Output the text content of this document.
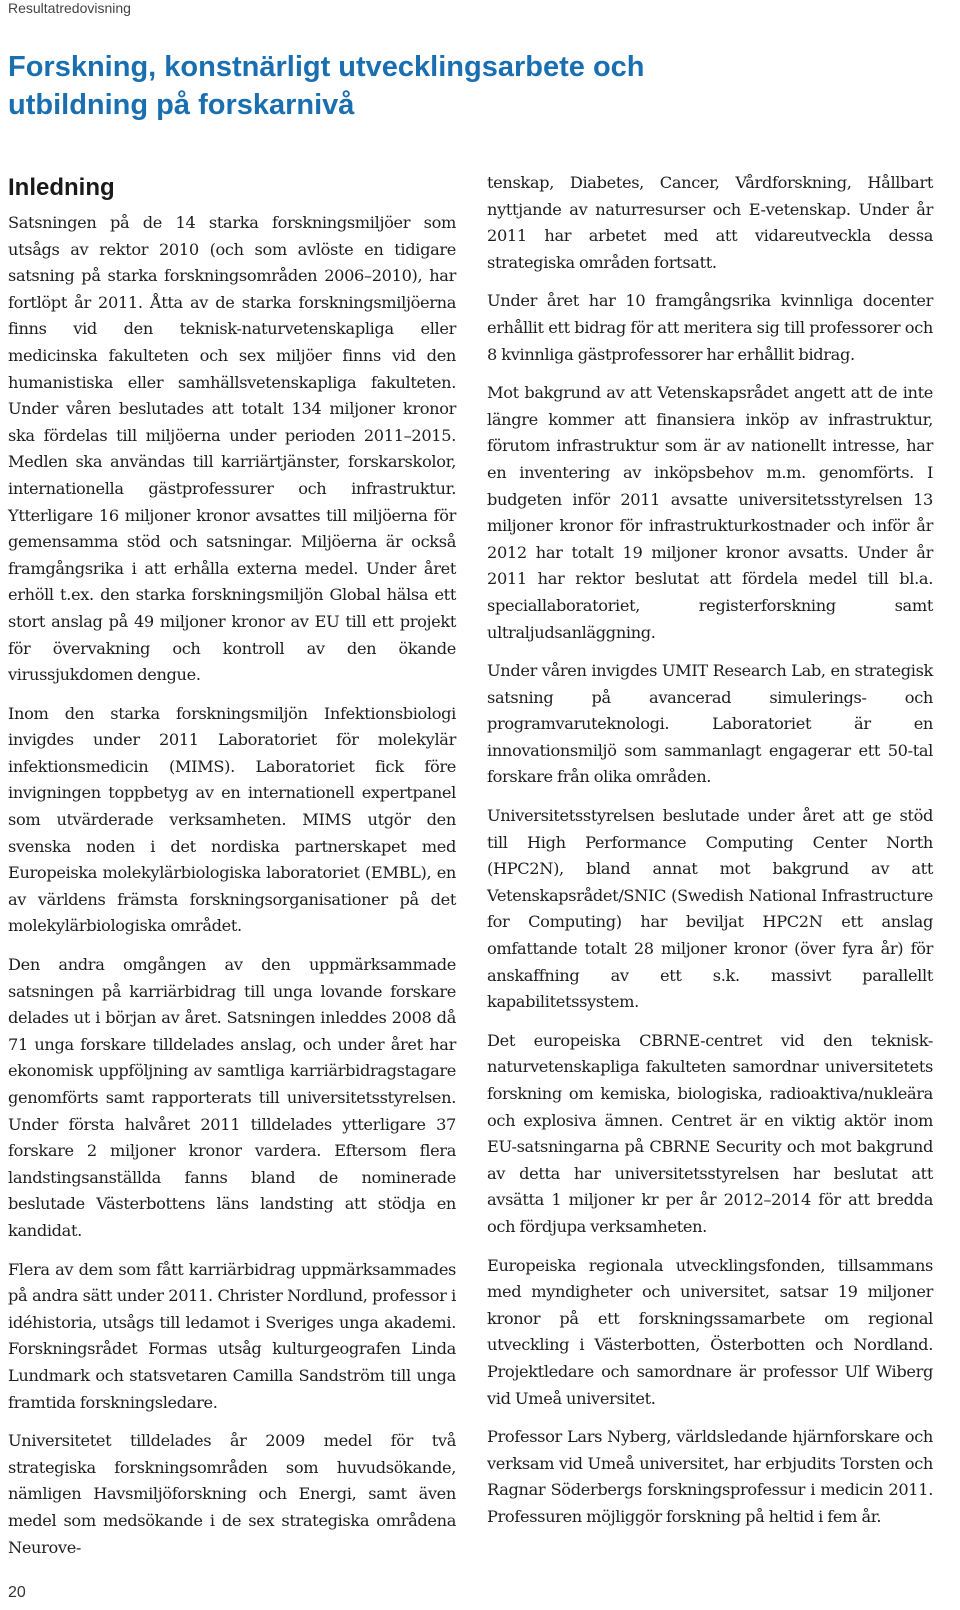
Resultatredovisning
Forskning, konstnärligt utvecklingsarbete och utbildning på forskarnivå
Inledning

Satsningen på de 14 starka forskningsmiljöer som utsågs av rektor 2010 (och som avlöste en tidigare satsning på starka forskningsområden 2006–2010), har fortlöpt år 2011. Åtta av de starka forskningsmiljöerna finns vid den teknisk-naturvetenskapliga eller medicinska fakulteten och sex miljöer finns vid den humanistiska eller samhällsvetenskapliga fakulteten. Under våren beslutades att totalt 134 miljoner kronor ska fördelas till miljöerna under perioden 2011–2015. Medlen ska användas till karriärtjänster, forskarskolor, internationella gästprofessurer och infrastruktur. Ytterligare 16 miljoner kronor avsattes till miljöerna för gemensamma stöd och satsningar. Miljöerna är också framgångsrika i att erhålla externa medel. Under året erhöll t.ex. den starka forskningsmiljön Global hälsa ett stort anslag på 49 miljoner kronor av EU till ett projekt för övervakning och kontroll av den ökande virussjukdomen dengue.

Inom den starka forskningsmiljön Infektionsbiologi invigdes under 2011 Laboratoriet för molekylär infektionsmedicin (MIMS). Laboratoriet fick före invigningen toppbetyg av en internationell expertpanel som utvärderade verksamheten. MIMS utgör den svenska noden i det nordiska partnerskapet med Europeiska molekylärbiologiska laboratoriet (EMBL), en av världens främsta forskningsorganisationer på det molekylärbiologiska området.

Den andra omgången av den uppmärksammade satsningen på karriärbidrag till unga lovande forskare delades ut i början av året. Satsningen inleddes 2008 då 71 unga forskare tilldelades anslag, och under året har ekonomisk uppföljning av samtliga karriärbidragstagare genomförts samt rapporterats till universitetsstyrelsen. Under första halvåret 2011 tilldelades ytterligare 37 forskare 2 miljoner kronor vardera. Eftersom flera landstingsanställda fanns bland de nominerade beslutade Västerbottens läns landsting att stödja en kandidat.

Flera av dem som fått karriärbidrag uppmärksammades på andra sätt under 2011. Christer Nordlund, professor i idéhistoria, utsågs till ledamot i Sveriges unga akademi. Forskningsrådet Formas utsåg kulturgeografen Linda Lundmark och statsvetaren Camilla Sandström till unga framtida forskningsledare.

Universitetet tilldelades år 2009 medel för två strategiska forskningsområden som huvudsökande, nämligen Havsmiljöforskning och Energi, samt även medel som medsökande i de sex strategiska områdena Neurove-

tenskap, Diabetes, Cancer, Vårdforskning, Hållbart nyttjande av naturresurser och E-vetenskap. Under år 2011 har arbetet med att vidareutveckla dessa strategiska områden fortsatt.

Under året har 10 framgångsrika kvinnliga docenter erhållit ett bidrag för att meritera sig till professorer och 8 kvinnliga gästprofessorer har erhållit bidrag.

Mot bakgrund av att Vetenskapsrådet angett att de inte längre kommer att finansiera inköp av infrastruktur, förutom infrastruktur som är av nationellt intresse, har en inventering av inköpsbehov m.m. genomförts. I budgeten inför 2011 avsatte universitetsstyrelsen 13 miljoner kronor för infrastrukturkostnader och inför år 2012 har totalt 19 miljoner kronor avsatts. Under år 2011 har rektor beslutat att fördela medel till bl.a. speciallaboratoriet, registerforskning samt ultraljudsanläggning.

Under våren invigdes UMIT Research Lab, en strategisk satsning på avancerad simulerings- och programvaruteknologi. Laboratoriet är en innovationsmiljö som sammanlagt engagerar ett 50-tal forskare från olika områden.

Universitetsstyrelsen beslutade under året att ge stöd till High Performance Computing Center North (HPC2N), bland annat mot bakgrund av att Vetenskapsrådet/SNIC (Swedish National Infrastructure for Computing) har beviljat HPC2N ett anslag omfattande totalt 28 miljoner kronor (över fyra år) för anskaffning av ett s.k. massivt parallellt kapabilitetssystem.

Det europeiska CBRNE-centret vid den teknisk-naturvetenskapliga fakulteten samordnar universitetets forskning om kemiska, biologiska, radioaktiva/nukleära och explosiva ämnen. Centret är en viktig aktör inom EU-satsningarna på CBRNE Security och mot bakgrund av detta har universitetsstyrelsen har beslutat att avsätta 1 miljoner kr per år 2012–2014 för att bredda och fördjupa verksamheten.

Europeiska regionala utvecklingsfonden, tillsammans med myndigheter och universitet, satsar 19 miljoner kronor på ett forskningssamarbete om regional utveckling i Västerbotten, Österbotten och Nordland. Projektledare och samordnare är professor Ulf Wiberg vid Umeå universitet.

Professor Lars Nyberg, världsledande hjärnforskare och verksam vid Umeå universitet, har erbjudits Torsten och Ragnar Söderbergs forskningsprofessur i medicin 2011. Professuren möjliggör forskning på heltid i fem år.

20
